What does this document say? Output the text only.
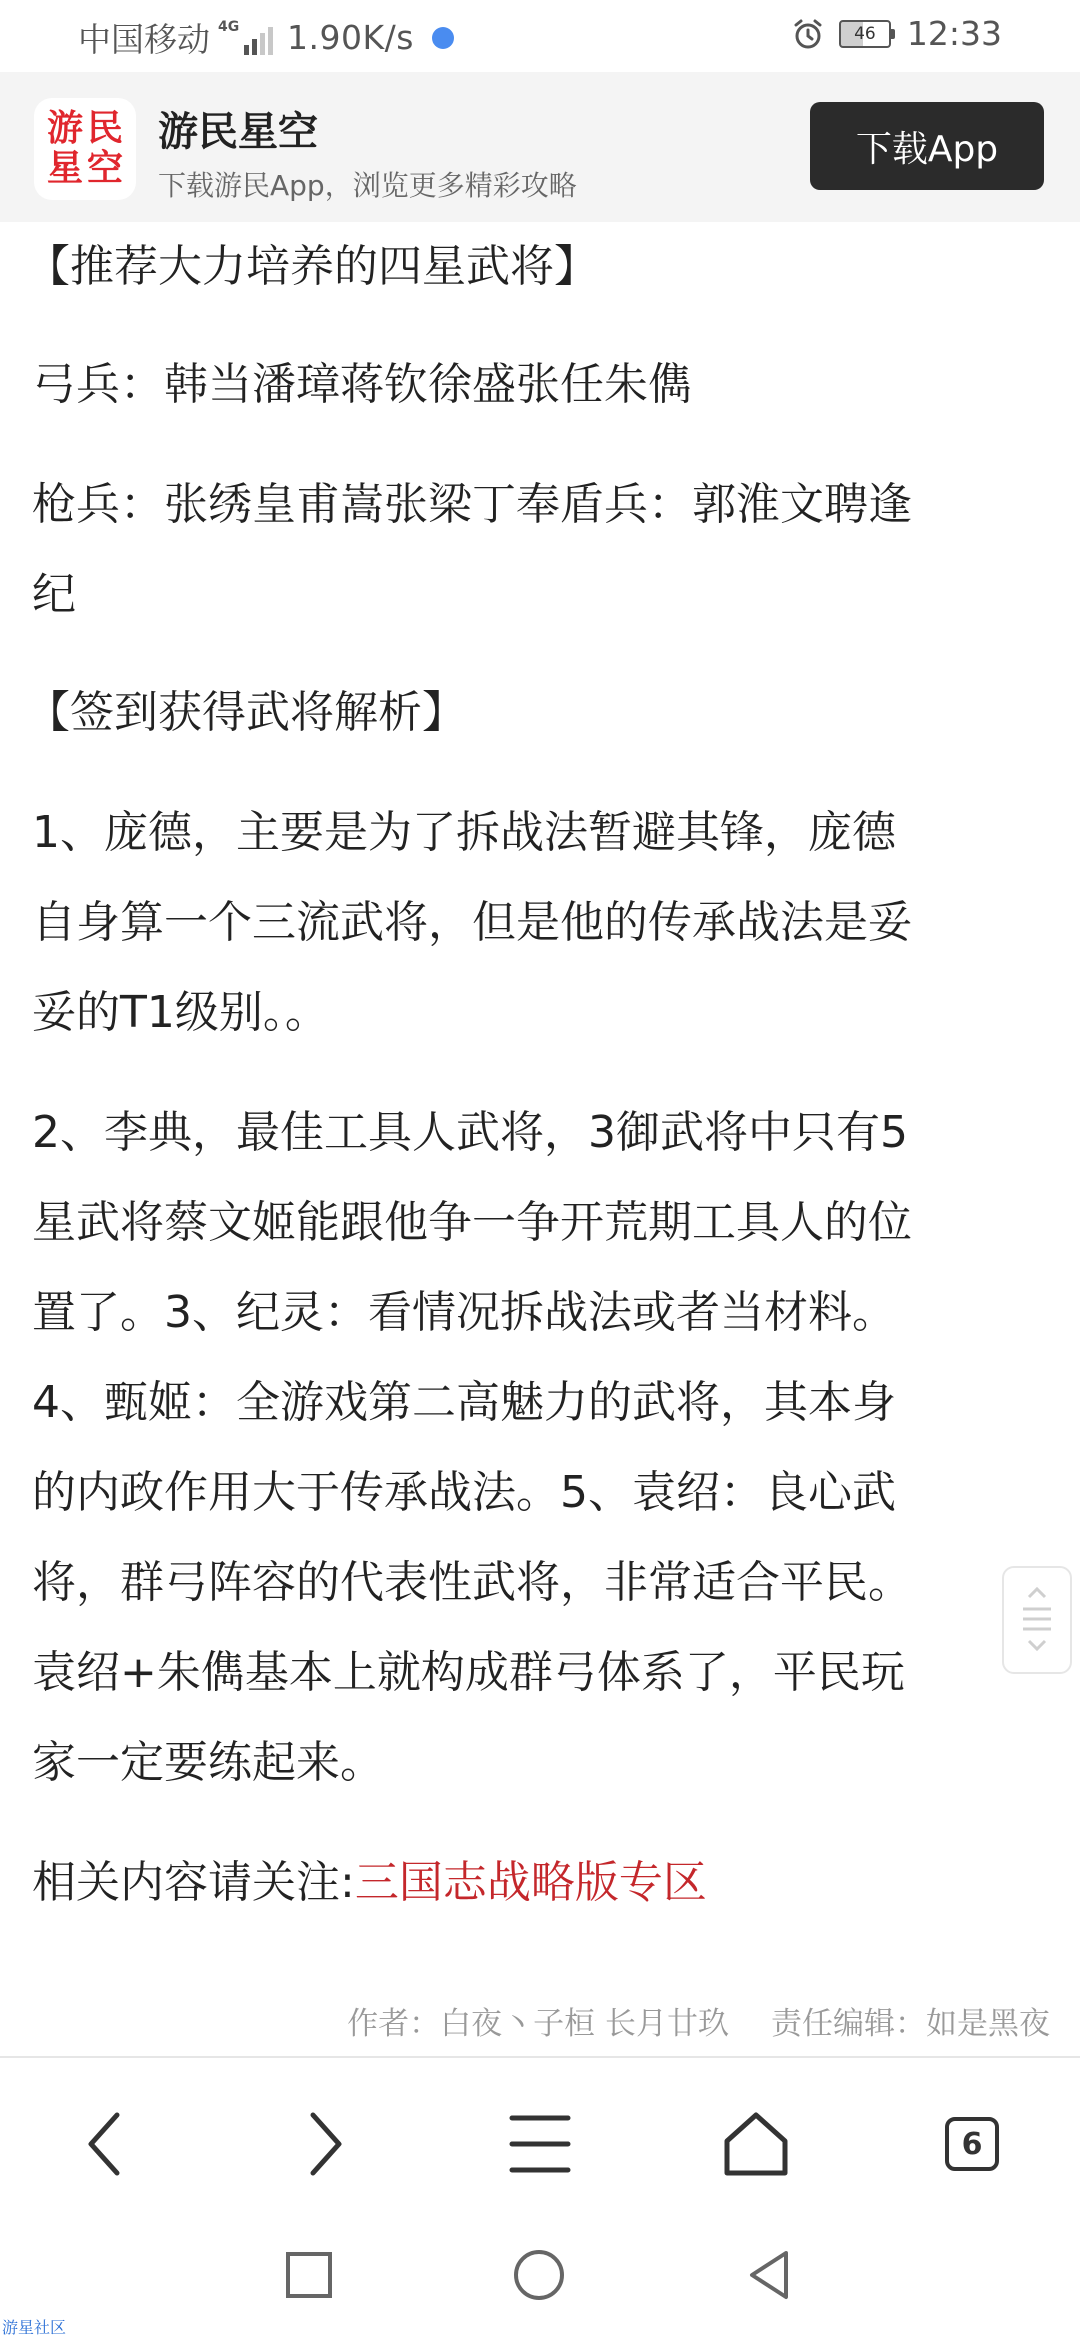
中国移动 4G 1.90K/s	46 12:33
游 民
星 空
游民星空
下载游民App，浏览更多精彩攻略
下载App

【推荐大力培养的四星武将】

弓兵：韩当潘璋蒋钦徐盛张任朱儁

枪兵：张绣皇甫嵩张梁丁奉盾兵：郭淮文聘逢

纪

【签到获得武将解析】

1、庞德，主要是为了拆战法暂避其锋，庞德

自身算一个三流武将，但是他的传承战法是妥

妥的T1级别。。

2、李典，最佳工具人武将，3御武将中只有5

星武将蔡文姬能跟他争一争开荒期工具人的位

置了。3、纪灵：看情况拆战法或者当材料。

4、甄姬：全游戏第二高魅力的武将，其本身

的内政作用大于传承战法。5、袁绍：良心武

将，群弓阵容的代表性武将，非常适合平民。

袁绍+朱儁基本上就构成群弓体系了，平民玩

家一定要练起来。

相关内容请关注:三国志战略版专区

作者：白夜丶子桓 长月廿玖 责任编辑：如是黑夜
6
游星社区
